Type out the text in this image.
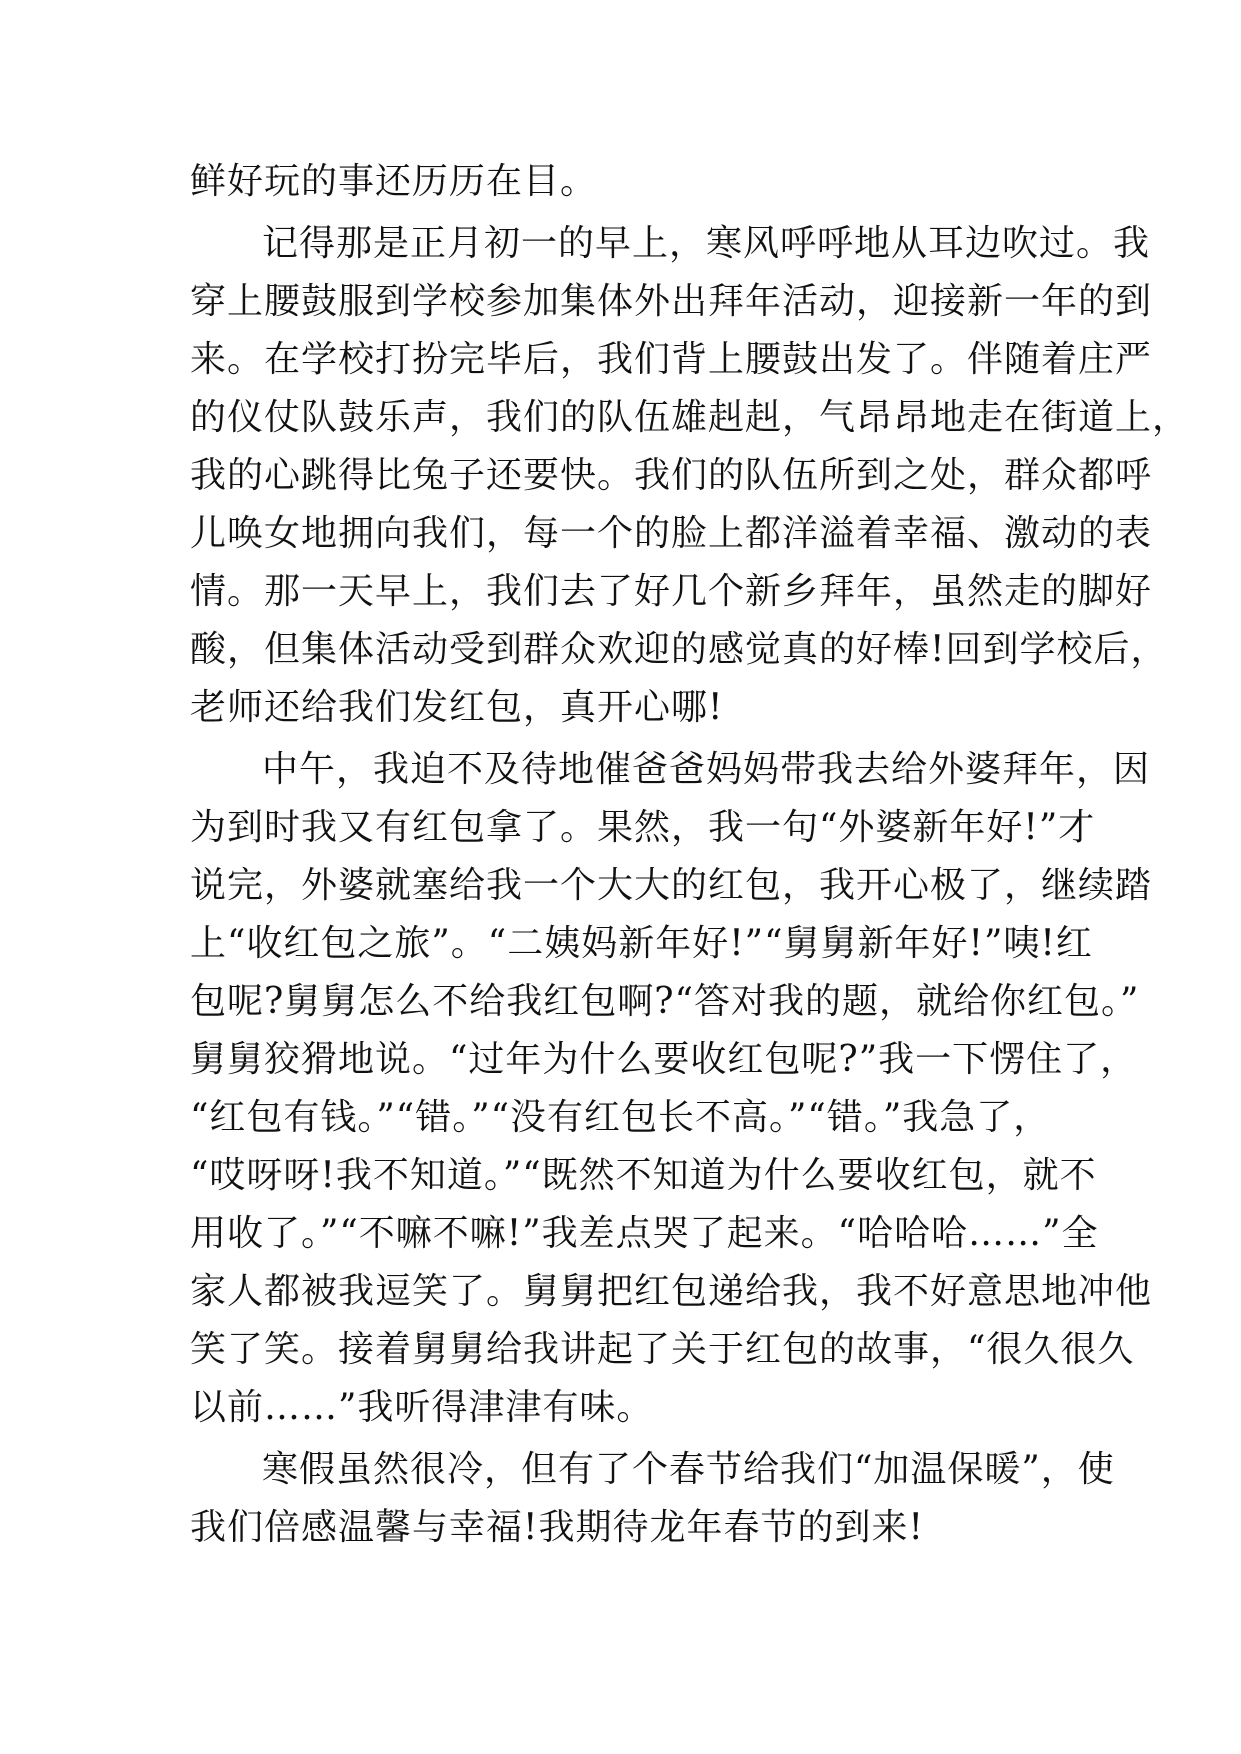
鲜好玩的事还历历在目。
记得那是正月初一的早上，寒风呼呼地从耳边吹过。我
穿上腰鼓服到学校参加集体外出拜年活动，迎接新一年的到
来。在学校打扮完毕后，我们背上腰鼓出发了。伴随着庄严
的仪仗队鼓乐声，我们的队伍雄赳赳，气昂昂地走在街道上，
我的心跳得比兔子还要快。我们的队伍所到之处，群众都呼
儿唤女地拥向我们，每一个的脸上都洋溢着幸福、激动的表
情。那一天早上，我们去了好几个新乡拜年，虽然走的脚好
酸，但集体活动受到群众欢迎的感觉真的好棒!回到学校后，
老师还给我们发红包，真开心哪!
中午，我迫不及待地催爸爸妈妈带我去给外婆拜年，因
为到时我又有红包拿了。果然，我一句“外婆新年好!”才
说完，外婆就塞给我一个大大的红包，我开心极了，继续踏
上“收红包之旅”。“二姨妈新年好!”“舅舅新年好!”咦!红
包呢?舅舅怎么不给我红包啊?“答对我的题，就给你红包。”
舅舅狡猾地说。“过年为什么要收红包呢?”我一下愣住了，
“红包有钱。”“错。”“没有红包长不高。”“错。”我急了，
“哎呀呀!我不知道。”“既然不知道为什么要收红包，就不
用收了。”“不嘛不嘛!”我差点哭了起来。“哈哈哈……”全
家人都被我逗笑了。舅舅把红包递给我，我不好意思地冲他
笑了笑。接着舅舅给我讲起了关于红包的故事，“很久很久
以前……”我听得津津有味。
寒假虽然很冷，但有了个春节给我们“加温保暖”，使
我们倍感温馨与幸福!我期待龙年春节的到来!
